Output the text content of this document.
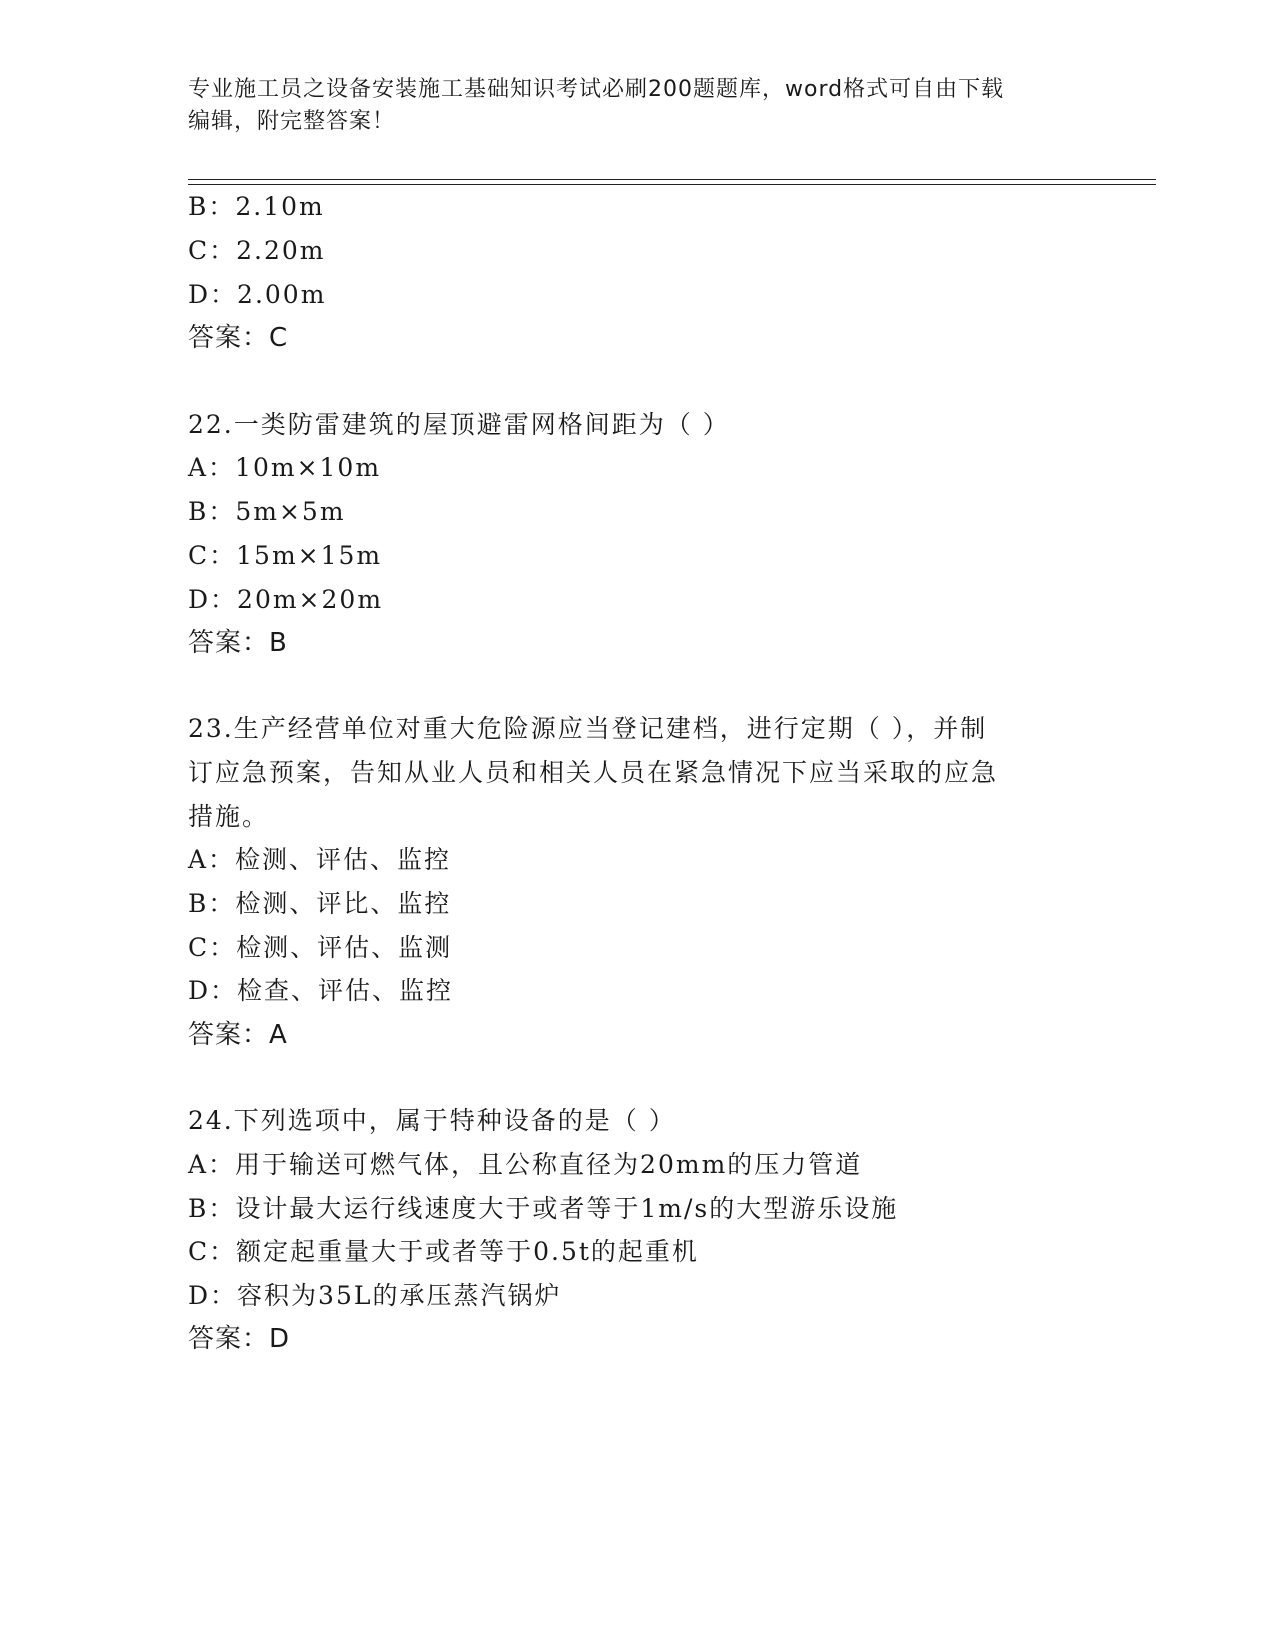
专业施工员之设备安装施工基础知识考试必刷200题题库，word格式可自由下载
编辑，附完整答案！
B：2.10m
C：2.20m
D：2.00m
答案：C
22.一类防雷建筑的屋顶避雷网格间距为（ ）
A：10m×10m
B：5m×5m
C：15m×15m
D：20m×20m
答案：B
23.生产经营单位对重大危险源应当登记建档，进行定期（ ），并制
订应急预案，告知从业人员和相关人员在紧急情况下应当采取的应急
措施。
A：检测、评估、监控
B：检测、评比、监控
C：检测、评估、监测
D：检查、评估、监控
答案：A
24.下列选项中，属于特种设备的是（ ）
A：用于输送可燃气体，且公称直径为20mm的压力管道
B：设计最大运行线速度大于或者等于1m/s的大型游乐设施
C：额定起重量大于或者等于0.5t的起重机
D：容积为35L的承压蒸汽锅炉
答案：D
